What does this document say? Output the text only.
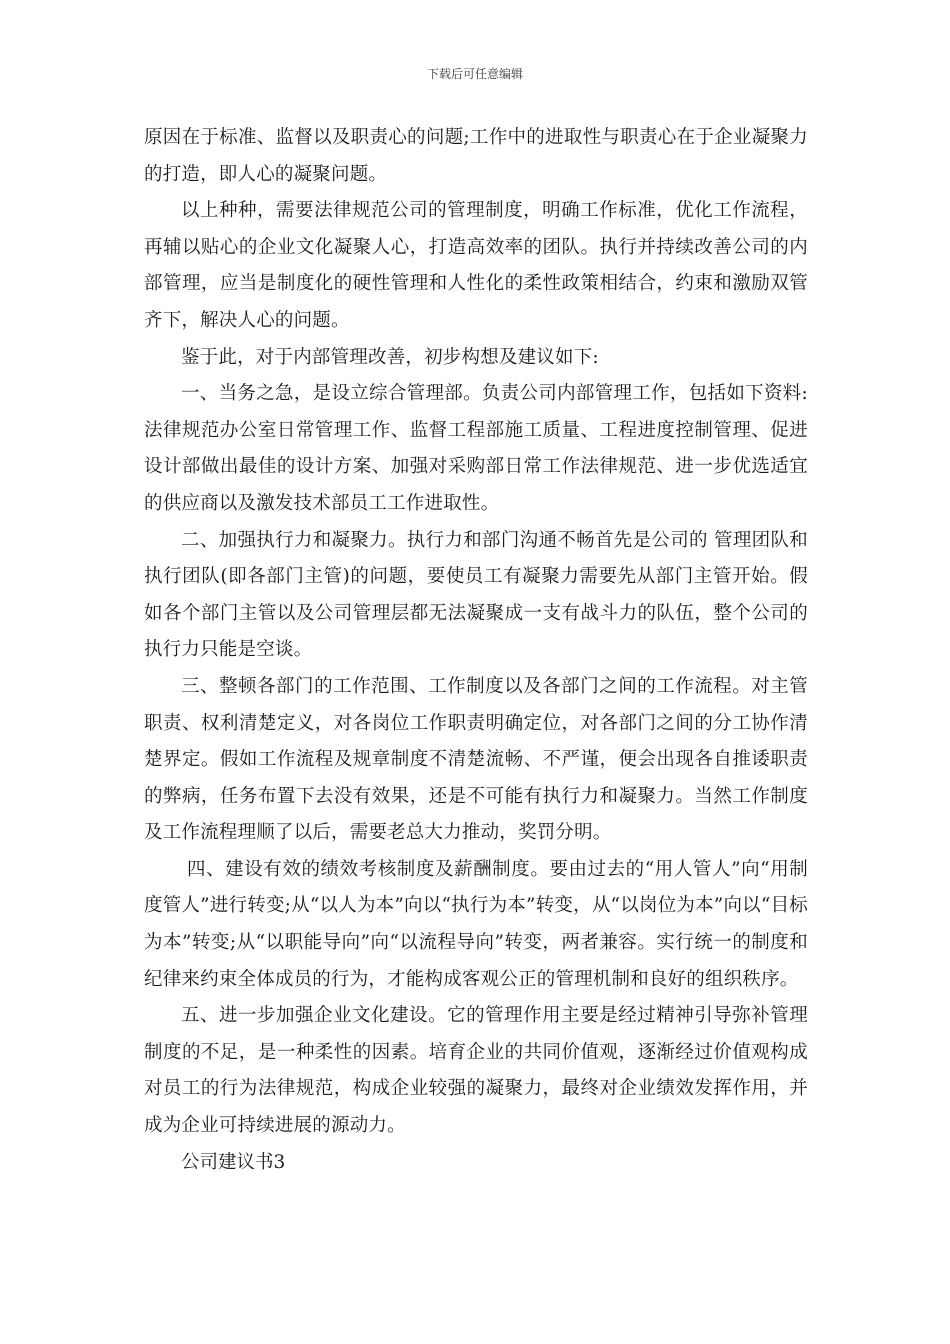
下载后可任意编辑

原因在于标准、监督以及职责心的问题;工作中的进取性与职责心在于企业凝聚力的打造，即人心的凝聚问题。

以上种种，需要法律规范公司的管理制度，明确工作标准，优化工作流程，再辅以贴心的企业文化凝聚人心，打造高效率的团队。执行并持续改善公司的内部管理，应当是制度化的硬性管理和人性化的柔性政策相结合，约束和激励双管齐下，解决人心的问题。

鉴于此，对于内部管理改善，初步构想及建议如下:

一、当务之急，是设立综合管理部。负责公司内部管理工作，包括如下资料:法律规范办公室日常管理工作、监督工程部施工质量、工程进度控制管理、促进设计部做出最佳的设计方案、加强对采购部日常工作法律规范、进一步优选适宜的供应商以及激发技术部员工工作进取性。

二、加强执行力和凝聚力。执行力和部门沟通不畅首先是公司的 管理团队和执行团队(即各部门主管)的问题，要使员工有凝聚力需要先从部门主管开始。假如各个部门主管以及公司管理层都无法凝聚成一支有战斗力的队伍，整个公司的执行力只能是空谈。

三、整顿各部门的工作范围、工作制度以及各部门之间的工作流程。对主管职责、权利清楚定义，对各岗位工作职责明确定位，对各部门之间的分工协作清楚界定。假如工作流程及规章制度不清楚流畅、不严谨，便会出现各自推诿职责的弊病，任务布置下去没有效果，还是不可能有执行力和凝聚力。当然工作制度及工作流程理顺了以后，需要老总大力推动，奖罚分明。

四、建设有效的绩效考核制度及薪酬制度。要由过去的“用人管人”向“用制度管人”进行转变;从“以人为本”向以“执行为本”转变，从“以岗位为本”向以“目标为本”转变;从“以职能导向”向“以流程导向”转变，两者兼容。实行统一的制度和纪律来约束全体成员的行为，才能构成客观公正的管理机制和良好的组织秩序。

五、进一步加强企业文化建设。它的管理作用主要是经过精神引导弥补管理制度的不足，是一种柔性的因素。培育企业的共同价值观，逐渐经过价值观构成对员工的行为法律规范，构成企业较强的凝聚力，最终对企业绩效发挥作用，并成为企业可持续进展的源动力。

公司建议书3
